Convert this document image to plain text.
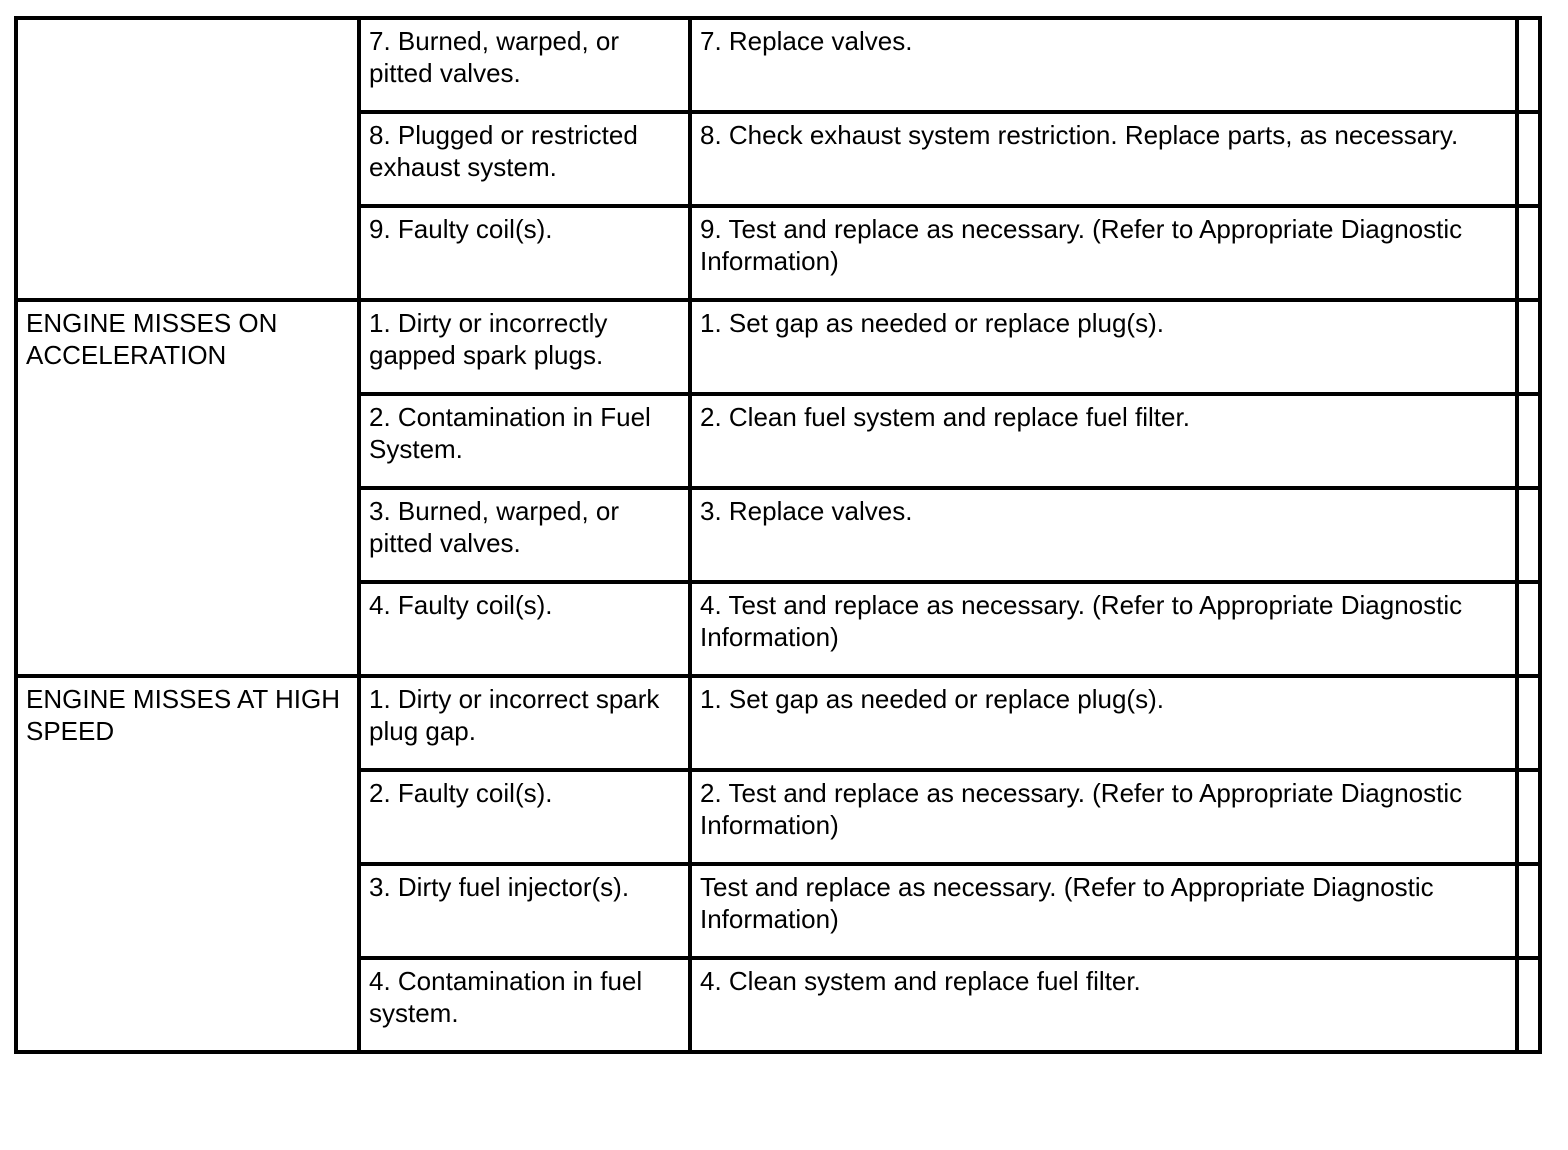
	7. Burned, warped, or pitted valves.	7. Replace valves.	
	8. Plugged or restricted exhaust system.	8. Check exhaust system restriction. Replace parts, as necessary.	
	9. Faulty coil(s).	9. Test and replace as necessary. (Refer to Appropriate Diagnostic Information)	
ENGINE MISSES ON ACCELERATION	1. Dirty or incorrectly gapped spark plugs.	1. Set gap as needed or replace plug(s).	
	2. Contamination in Fuel System.	2. Clean fuel system and replace fuel filter.	
	3. Burned, warped, or pitted valves.	3. Replace valves.	
	4. Faulty coil(s).	4. Test and replace as necessary. (Refer to Appropriate Diagnostic Information)	
ENGINE MISSES AT HIGH SPEED	1. Dirty or incorrect spark plug gap.	1. Set gap as needed or replace plug(s).	
	2. Faulty coil(s).	2. Test and replace as necessary. (Refer to Appropriate Diagnostic Information)	
	3. Dirty fuel injector(s).	Test and replace as necessary. (Refer to Appropriate Diagnostic Information)	
	4. Contamination in fuel system.	4. Clean system and replace fuel filter.	
